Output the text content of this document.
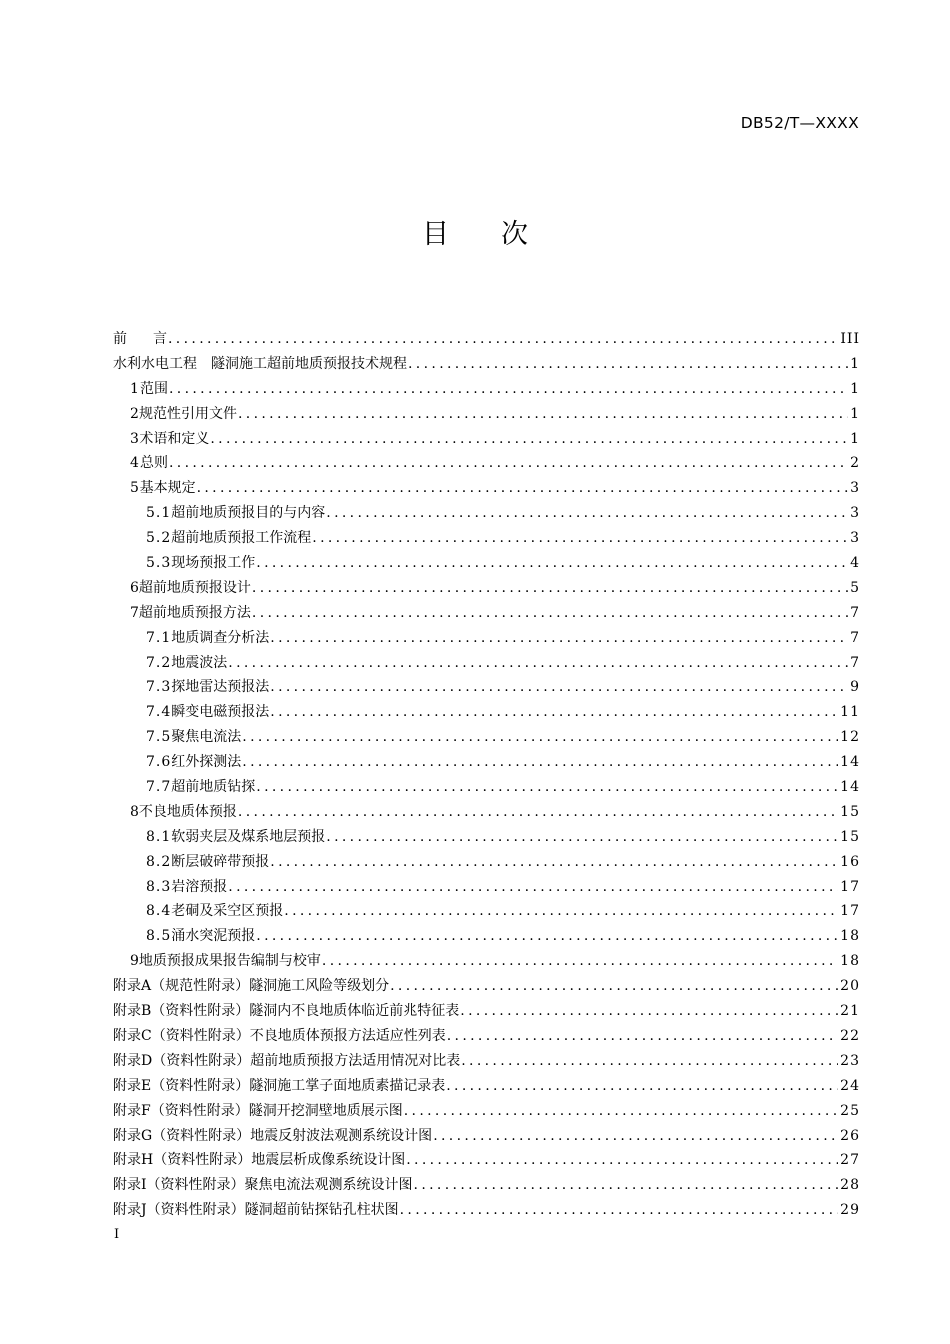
DB52/T—XXXX
目 次
前 言 .....	III
水利水电工程　隧洞施工超前地质预报技术规程 .....	1
1 范围 .....	1
2 规范性引用文件 .....	1
3 术语和定义 .....	1
4 总则 .....	2
5 基本规定 .....	3
5.1 超前地质预报目的与内容 .....	3
5.2 超前地质预报工作流程 .....	3
5.3 现场预报工作 .....	4
6 超前地质预报设计 .....	5
7 超前地质预报方法 .....	7
7.1 地质调查分析法 .....	7
7.2 地震波法 .....	7
7.3 探地雷达预报法 .....	9
7.4 瞬变电磁预报法 .....	11
7.5 聚焦电流法 .....	12
7.6 红外探测法 .....	14
7.7 超前地质钻探 .....	14
8 不良地质体预报 .....	15
8.1 软弱夹层及煤系地层预报 .....	15
8.2 断层破碎带预报 .....	16
8.3 岩溶预报 .....	17
8.4 老硐及采空区预报 .....	17
8.5 涌水突泥预报 .....	18
9 地质预报成果报告编制与校审 .....	18
附录A（规范性附录）隧洞施工风险等级划分 .....	20
附录B（资料性附录）隧洞内不良地质体临近前兆特征表 .....	21
附录C（资料性附录）不良地质体预报方法适应性列表 .....	22
附录D（资料性附录）超前地质预报方法适用情况对比表 .....	23
附录E（资料性附录）隧洞施工掌子面地质素描记录表 .....	24
附录F（资料性附录）隧洞开挖洞壁地质展示图 .....	25
附录G（资料性附录）地震反射波法观测系统设计图 .....	26
附录H（资料性附录）地震层析成像系统设计图 .....	27
附录I（资料性附录）聚焦电流法观测系统设计图 .....	28
附录J（资料性附录）隧洞超前钻探钻孔柱状图 .....	29
I
